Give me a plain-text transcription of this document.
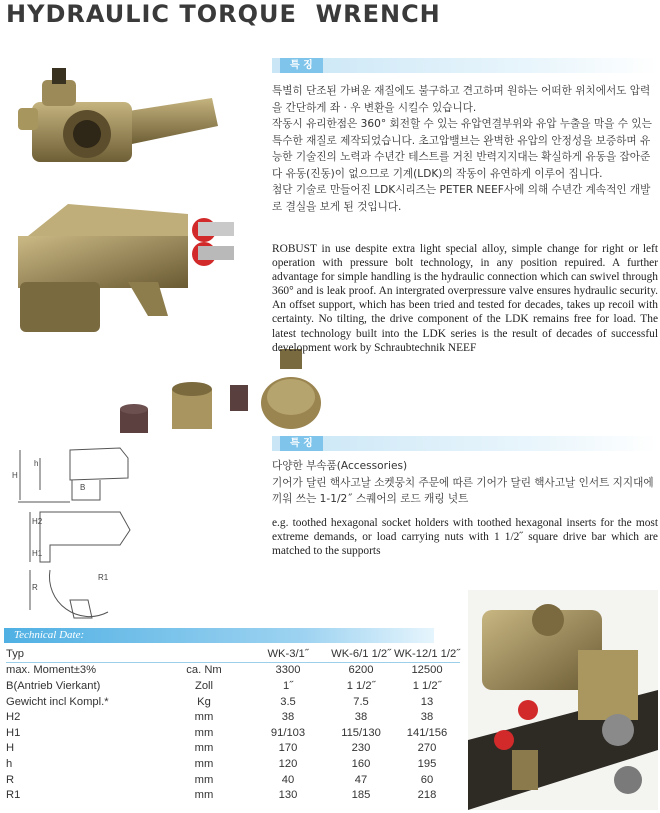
HYDRAULIC TORQUE  WRENCH
H
h
B
H2
H1
R
R1
특 징

특별히 단조된 가벼운 재질에도 불구하고 견고하며 원하는 어떠한 위치에서도 압력을 간단하게 좌 · 우 변환을 시킬수 있습니다.

작동시 유리한점은 360° 회전할 수 있는 유압연결부위와 유압 누출을 막을 수 있는 특수한 재질로 제작되었습니다. 초고압밸브는 완벽한 유압의 안정성을 보증하며 유능한 기술진의 노력과 수년간 테스트를 거친 반력지지대는 확실하게 유동을 잡아준다 유동(진동)이 없으므로 기계(LDK)의 작동이 유연하게 이루어 집니다.

첨단 기술로 만들어진 LDK시리즈는 PETER NEEF사에 의해 수년간 계속적인 개발로 결실을 보게 된 것입니다.

ROBUST in use despite extra light special alloy, simple change for right or left operation with pressure bolt technology, in any position repuired. A further advantage for simple handling is the hydraulic connection which can swivel through 360° and is leak proof. An intergrated overpressure valve ensures hydraulic security. An offset support, which has been tried and tested for decades, takes up recoil with certainty. No tilting, the drive component of the LDK remains free for load. The latest technology built into the LDK series is the result of decades of successful development work by Schraubtechnik NEEF
특 징

다양한 부속품(Accessories)

기어가 달린 핵사고날 소켓뭉치 주문에 따른 기어가 달린 핵사고날 인서트 지지대에 끼워 쓰는 1-1/2˝ 스퀘어의 로드 캐링 넛트

e.g. toothed hexagonal socket holders with toothed hexagonal inserts for the most extreme demands, or load carrying nuts with 1 1/2˝ square drive bar which are matched to the supports
Technical Date:
Typ		WK-3/1˝	WK-6/1 1/2˝	WK-12/1 1/2˝
max. Moment±3%	ca. Nm	3300	6200	12500
B(Antrieb Vierkant)	Zoll	1˝	1 1/2˝	1 1/2˝
Gewicht incl Kompl.*	Kg	3.5	7.5	13
H2	mm	38	38	38
H1	mm	91/103	115/130	141/156
H	mm	170	230	270
h	mm	120	160	195
R	mm	40	47	60
R1	mm	130	185	218
